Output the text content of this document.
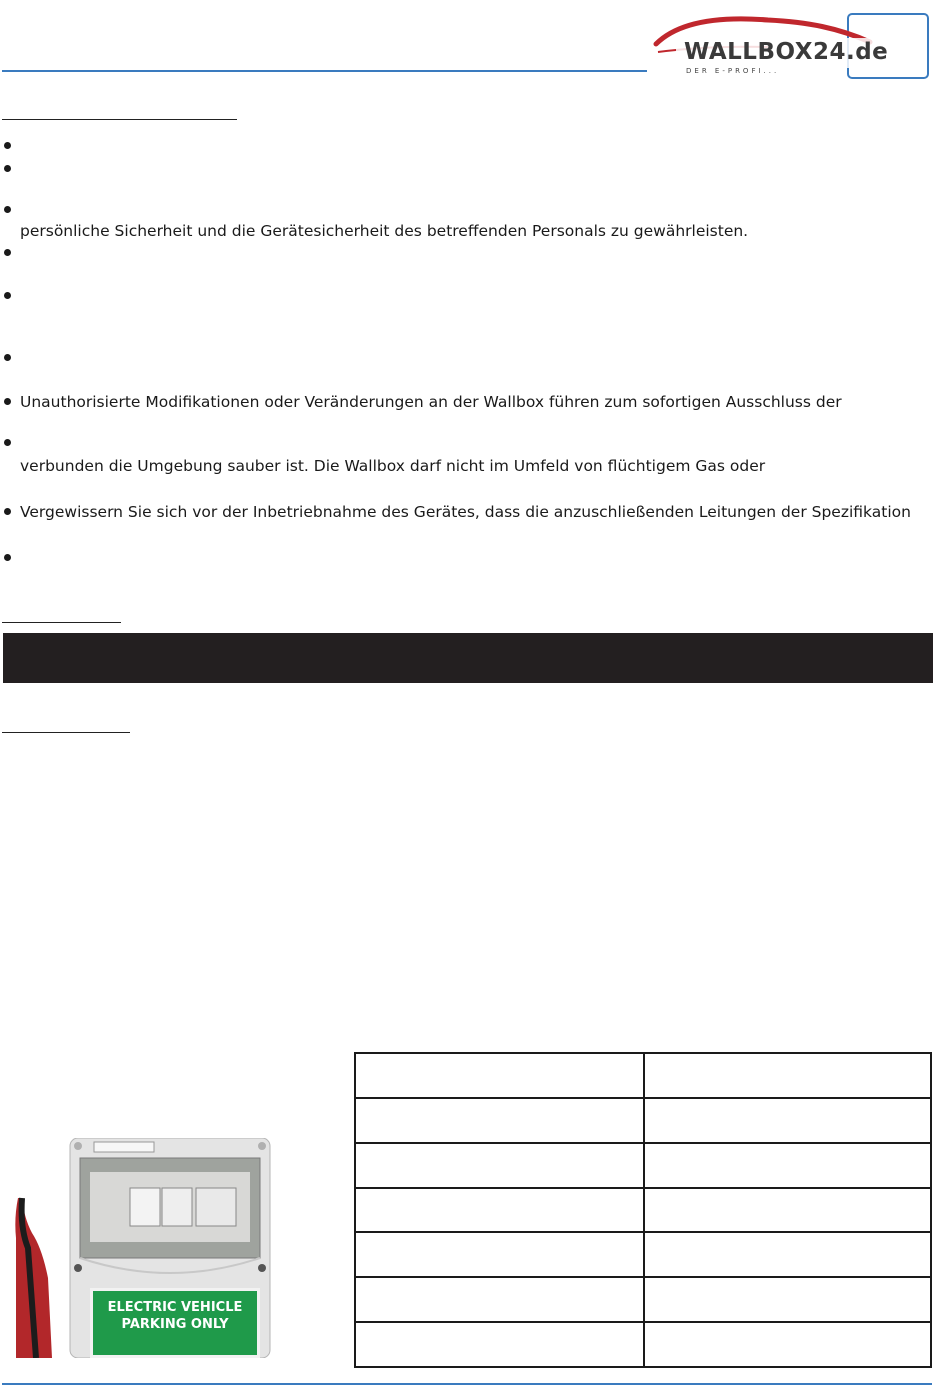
WALLBOX24.de
DER E-PROFI...
persönliche Sicherheit und die Gerätesicherheit des betreffenden Personals zu gewährleisten.
Unauthorisierte Modifikationen oder Veränderungen an der Wallbox führen zum sofortigen Ausschluss der
verbunden die Umgebung sauber ist. Die Wallbox darf nicht im Umfeld von flüchtigem Gas oder
Vergewissern Sie sich vor der Inbetriebnahme des Gerätes, dass die anzuschließenden Leitungen der Spezifikation
ELECTRIC VEHICLE
PARKING ONLY
